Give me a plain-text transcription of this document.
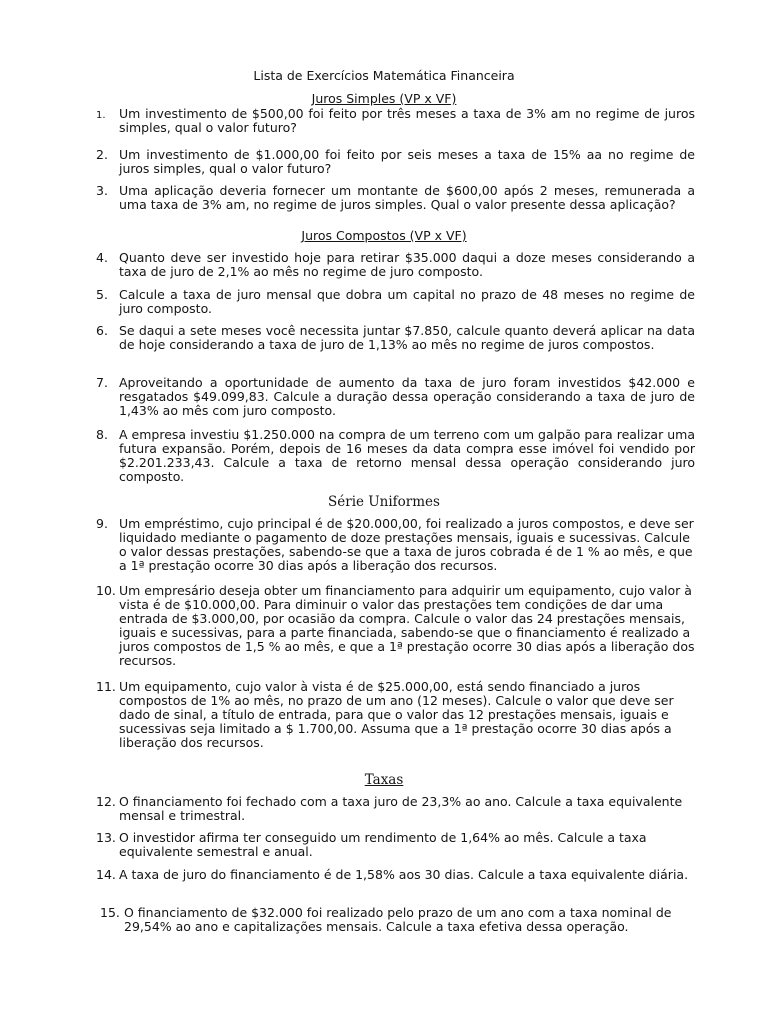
Lista de Exercícios Matemática Financeira
Juros Simples (VP x VF)
1.	Um investimento de $500,00 foi feito por três meses a taxa de 3% am no regime de juros simples, qual o valor futuro?
2. Um investimento de $1.000,00 foi feito por seis meses a taxa de 15% aa no regime de juros simples, qual o valor futuro?
3. Uma aplicação deveria fornecer um montante de $600,00 após 2 meses, remunerada a uma taxa de 3% am, no regime de juros simples. Qual o valor presente dessa aplicação?
Juros Compostos (VP x VF)
4. Quanto deve ser investido hoje para retirar $35.000 daqui a doze meses considerando a taxa de juro de 2,1% ao mês no regime de juro composto.
5. Calcule a taxa de juro mensal que dobra um capital no prazo de 48 meses no regime de juro composto.
6. Se daqui a sete meses você necessita juntar $7.850, calcule quanto deverá aplicar na data de hoje considerando a taxa de juro de 1,13% ao mês no regime de juros compostos.
7. Aproveitando a oportunidade de aumento da taxa de juro foram investidos $42.000 e resgatados $49.099,83. Calcule a duração dessa operação considerando a taxa de juro de 1,43% ao mês com juro composto.
8. A empresa investiu $1.250.000 na compra de um terreno com um galpão para realizar uma futura expansão. Porém, depois de 16 meses da data compra esse imóvel foi vendido por $2.201.233,43. Calcule a taxa de retorno mensal dessa operação considerando juro composto.
Série Uniformes
9. Um empréstimo, cujo principal é de $20.000,00, foi realizado a juros compostos, e deve ser liquidado mediante o pagamento de doze prestações mensais, iguais e sucessivas. Calcule o valor dessas prestações, sabendo-se que a taxa de juros cobrada é de 1 % ao mês, e que a 1ª prestação ocorre 30 dias após a liberação dos recursos.
10. Um empresário deseja obter um financiamento para adquirir um equipamento, cujo valor à vista é de $10.000,00. Para diminuir o valor das prestações tem condições de dar uma entrada de $3.000,00, por ocasião da compra. Calcule o valor das 24 prestações mensais, iguais e sucessivas, para a parte financiada, sabendo-se que o financiamento é realizado a juros compostos de 1,5 % ao mês, e que a 1ª prestação ocorre 30 dias após a liberação dos recursos.
11. Um equipamento, cujo valor à vista é de $25.000,00, está sendo financiado a juros compostos de 1% ao mês, no prazo de um ano (12 meses). Calcule o valor que deve ser dado de sinal, a título de entrada, para que o valor das 12 prestações mensais, iguais e sucessivas seja limitado a $ 1.700,00. Assuma que a 1ª prestação ocorre 30 dias após a liberação dos recursos.
Taxas
12. O financiamento foi fechado com a taxa juro de 23,3% ao ano. Calcule a taxa equivalente mensal e trimestral.
13. O investidor afirma ter conseguido um rendimento de 1,64% ao mês. Calcule a taxa equivalente semestral e anual.
14. A taxa de juro do financiamento é de 1,58% aos 30 dias. Calcule a taxa equivalente diária.
15. O financiamento de $32.000 foi realizado pelo prazo de um ano com a taxa nominal de 29,54% ao ano e capitalizações mensais. Calcule a taxa efetiva dessa operação.
